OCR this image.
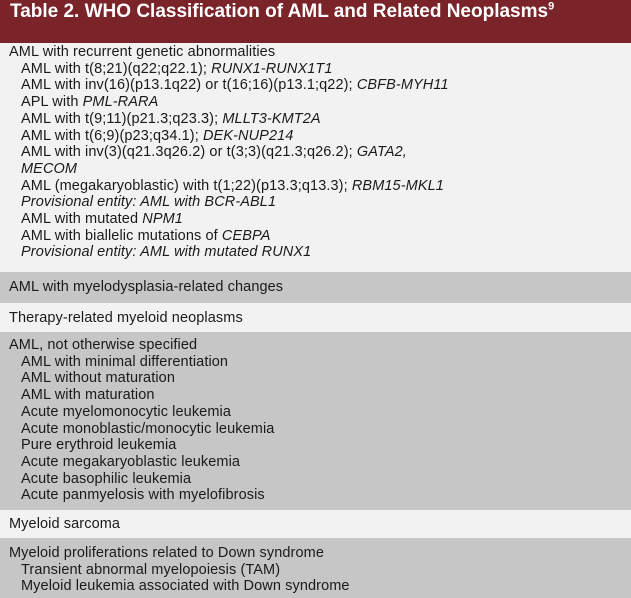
Table 2. WHO Classification of AML and Related Neoplasms$^9$
AML with recurrent genetic abnormalities
AML with t(8;21)(q22;q22.1); RUNX1-RUNX1T1
AML with inv(16)(p13.1q22) or t(16;16)(p13.1;q22); CBFB-MYH11
APL with PML-RARA
AML with t(9;11)(p21.3;q23.3); MLLT3-KMT2A
AML with t(6;9)(p23;q34.1); DEK-NUP214
AML with inv(3)(q21.3q26.2) or t(3;3)(q21.3;q26.2); GATA2,
MECOM
AML (megakaryoblastic) with t(1;22)(p13.3;q13.3); RBM15-MKL1
Provisional entity: AML with BCR-ABL1
AML with mutated NPM1
AML with biallelic mutations of CEBPA
Provisional entity: AML with mutated RUNX1
AML with myelodysplasia-related changes
Therapy-related myeloid neoplasms
AML, not otherwise specified
AML with minimal differentiation
AML without maturation
AML with maturation
Acute myelomonocytic leukemia
Acute monoblastic/monocytic leukemia
Pure erythroid leukemia
Acute megakaryoblastic leukemia
Acute basophilic leukemia
Acute panmyelosis with myelofibrosis
Myeloid sarcoma
Myeloid proliferations related to Down syndrome
Transient abnormal myelopoiesis (TAM)
Myeloid leukemia associated with Down syndrome
